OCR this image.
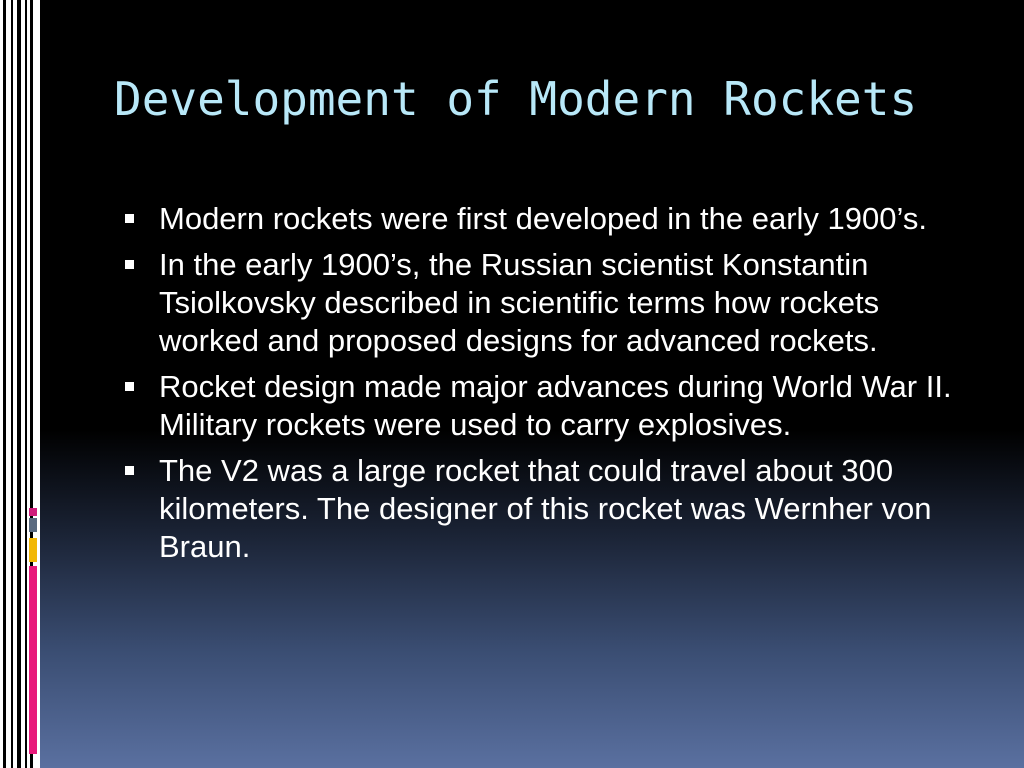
Development of Modern Rockets
Modern rockets were first developed in the early 1900’s.
In the early 1900’s, the Russian scientist Konstantin Tsiolkovsky described in scientific terms how rockets worked and proposed designs for advanced rockets.
Rocket design made major advances during World War II. Military rockets were used to carry explosives.
The V2 was a large rocket that could travel about 300 kilometers. The designer of this rocket was Wernher von Braun.
